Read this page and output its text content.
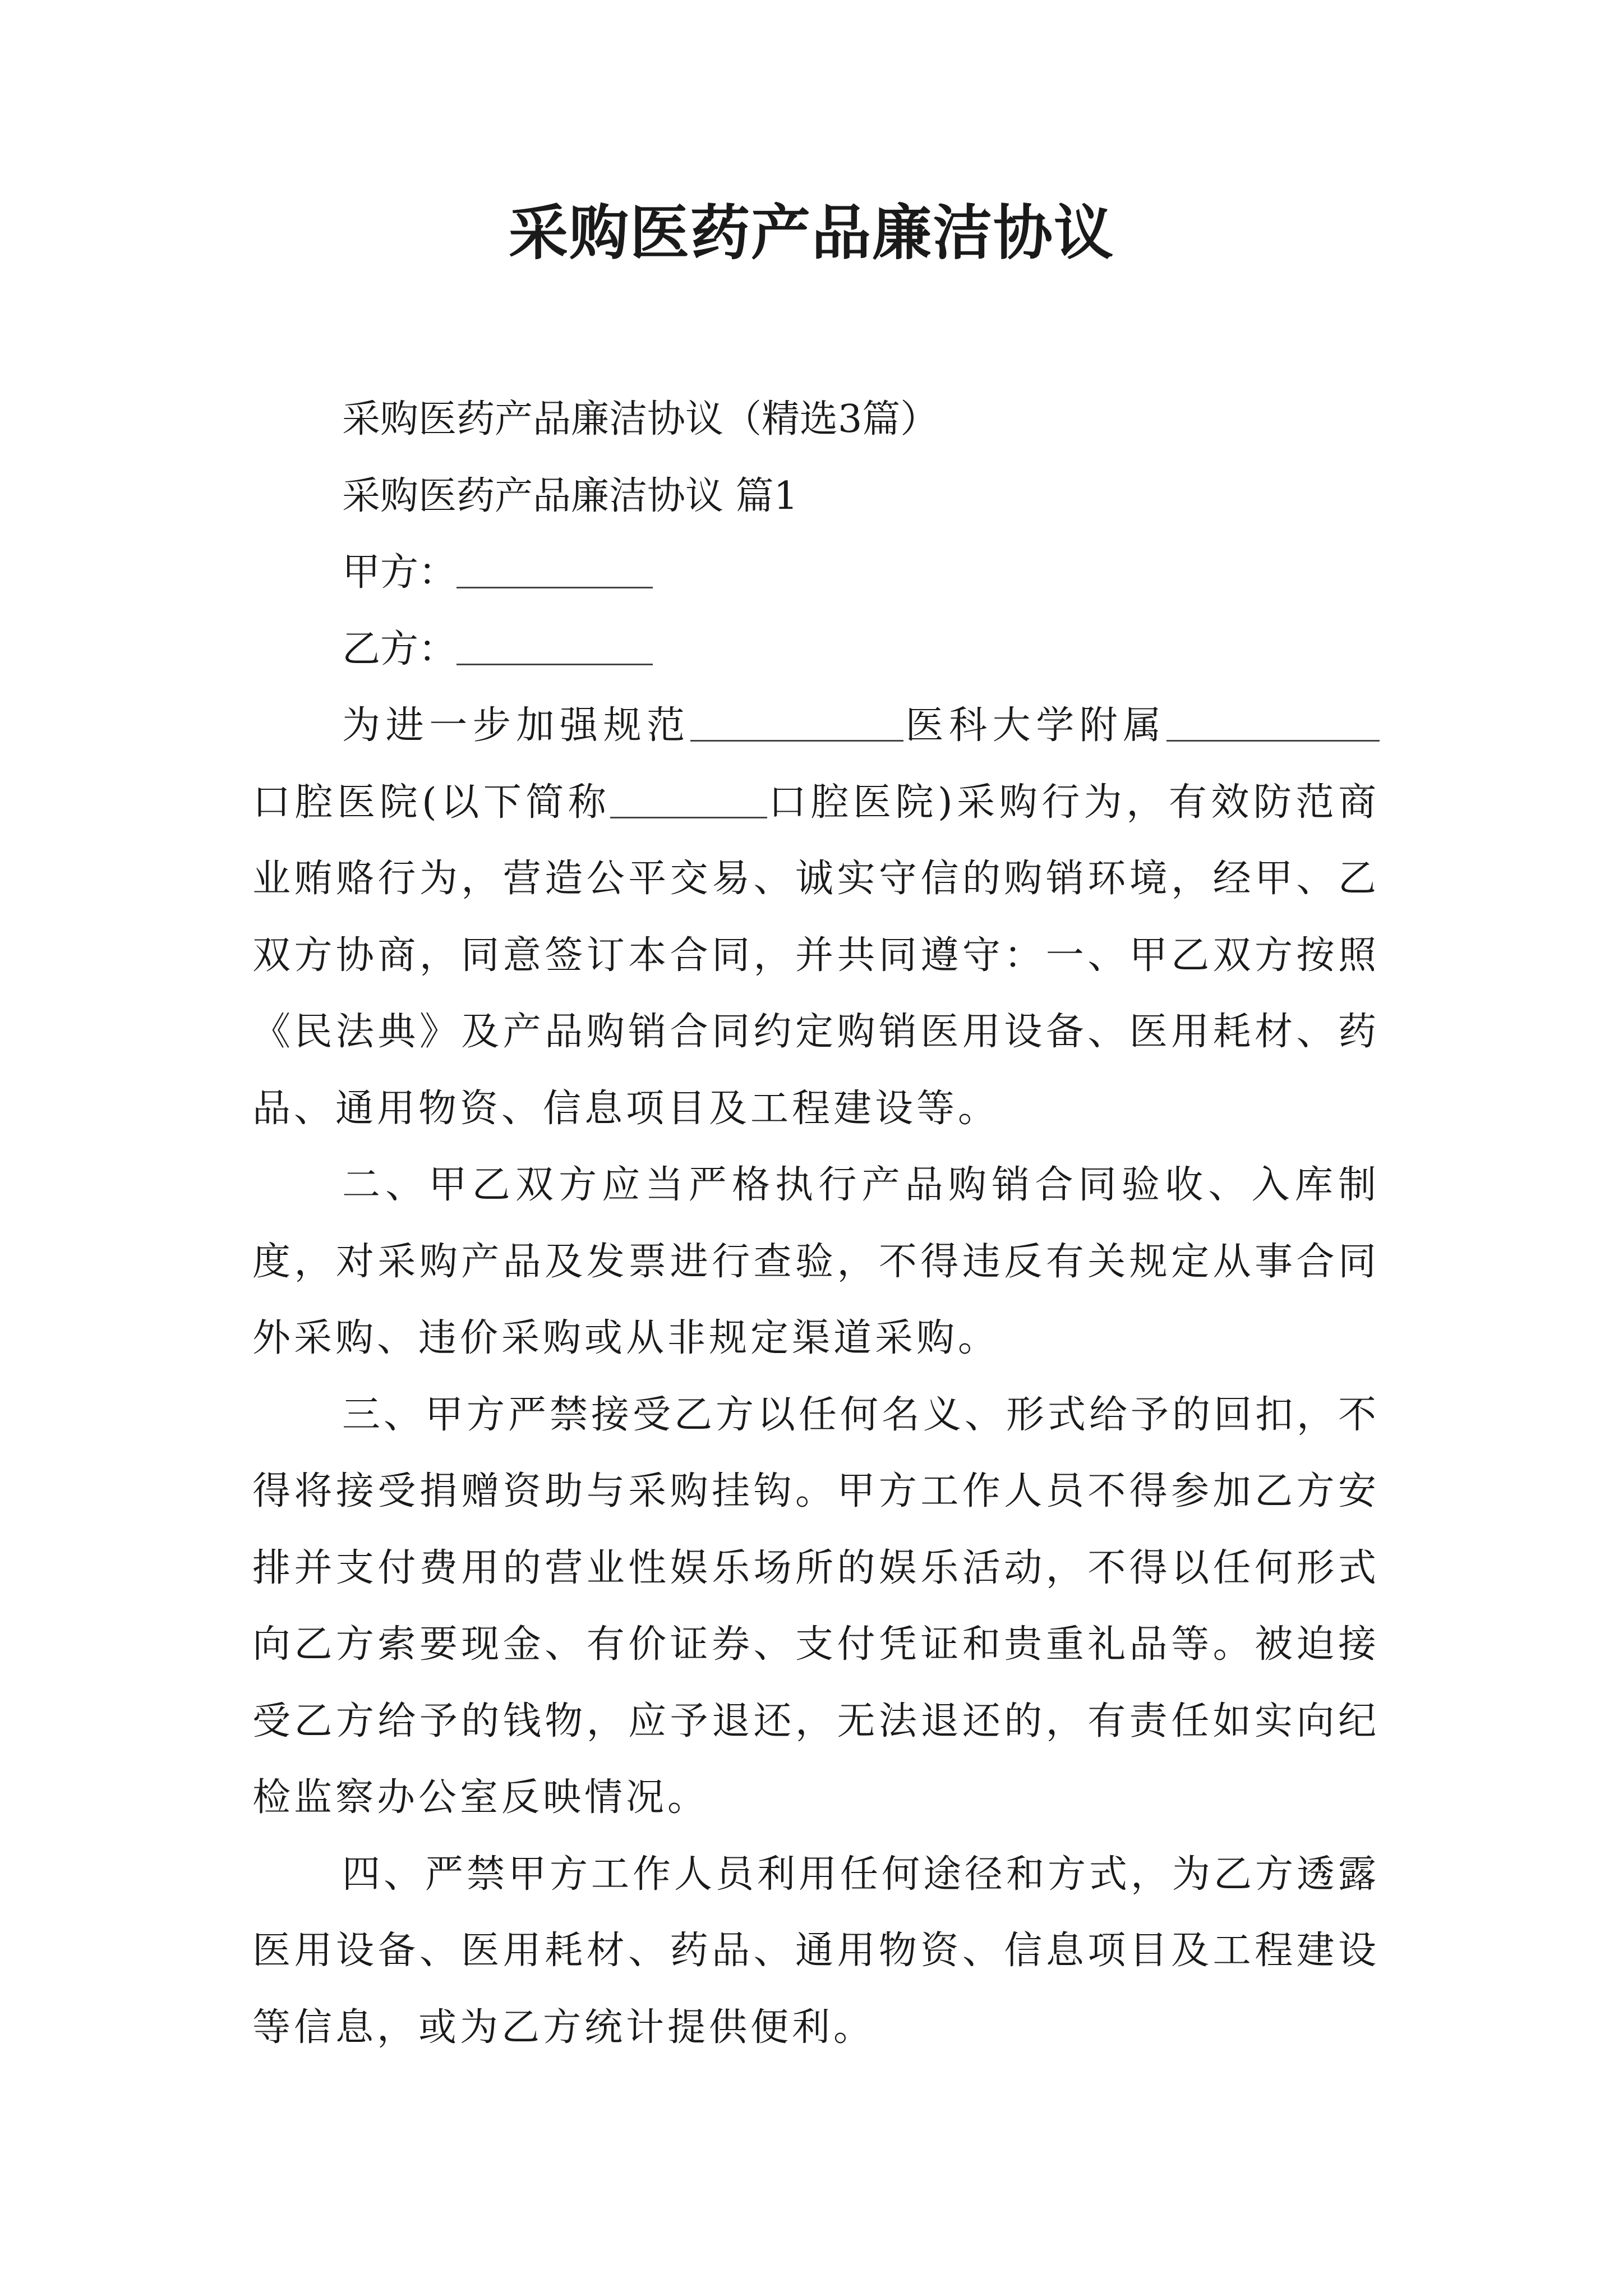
采购医药产品廉洁协议
采购医药产品廉洁协议（精选3篇）
采购医药产品廉洁协议 篇1
甲方：
乙方：

为进一步加强规范	医科大学附属口腔医院(以下简称	口腔医院)采购行为，有效防范商业贿赂行为，营造公平交易、诚实守信的购销环境，经甲、乙双方协商，同意签订本合同，并共同遵守：一、甲乙双方按照《民法典》及产品购销合同约定购销医用设备、医用耗材、药品、通用物资、信息项目及工程建设等。

二、甲乙双方应当严格执行产品购销合同验收、入库制度，对采购产品及发票进行查验，不得违反有关规定从事合同外采购、违价采购或从非规定渠道采购。

三、甲方严禁接受乙方以任何名义、形式给予的回扣，不得将接受捐赠资助与采购挂钩。甲方工作人员不得参加乙方安排并支付费用的营业性娱乐场所的娱乐活动，不得以任何形式向乙方索要现金、有价证券、支付凭证和贵重礼品等。被迫接受乙方给予的钱物，应予退还，无法退还的，有责任如实向纪检监察办公室反映情况。

四、严禁甲方工作人员利用任何途径和方式，为乙方透露医用设备、医用耗材、药品、通用物资、信息项目及工程建设等信息，或为乙方统计提供便利。
